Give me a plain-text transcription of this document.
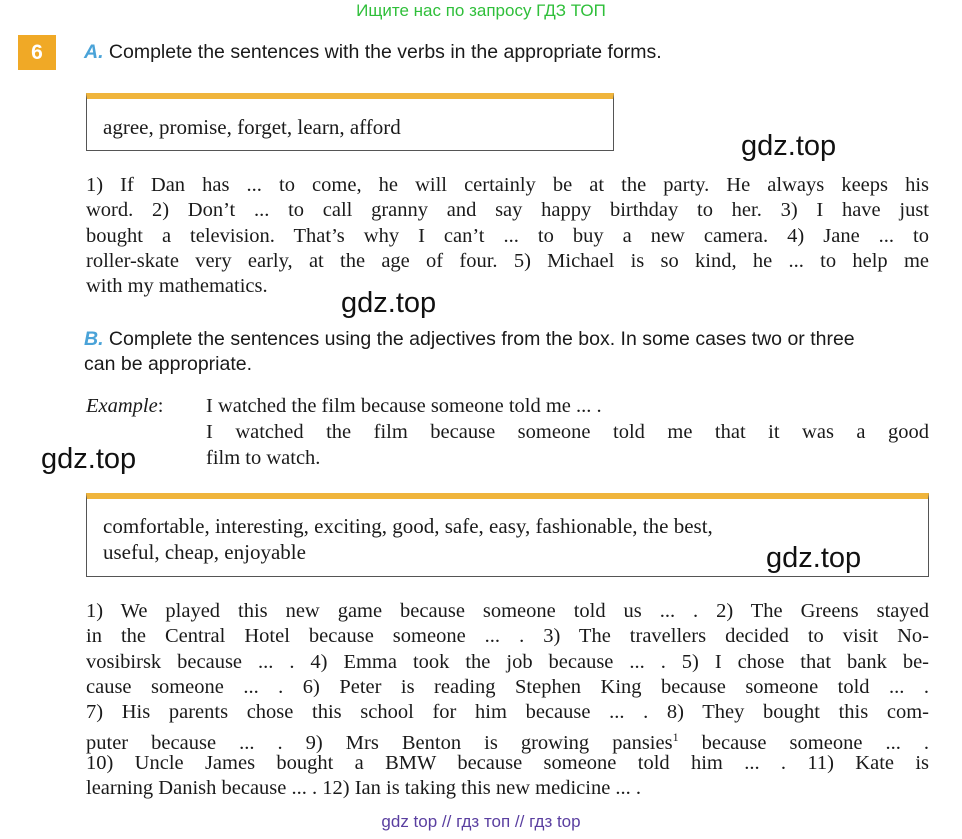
Ищите нас по запросу ГДЗ ТОП
6	A. Complete the sentences with the verbs in the appropriate forms.
agree, promise, forget, learn, afford
1) If Dan has ... to come, he will certainly be at the party. He always keeps his
word. 2) Don’t ... to call granny and say happy birthday to her. 3) I have just
bought a television. That’s why I can’t ... to buy a new camera. 4) Jane ... to
roller-skate very early, at the age of four. 5) Michael is so kind, he ... to help me
with my mathematics.
B. Complete the sentences using the adjectives from the box. In some cases two or three
can be appropriate.
Example:	I watched the film because someone told me ... .
I watched the film because someone told me that it was a good
film to watch.
comfortable, interesting, exciting, good, safe, easy, fashionable, the best,
useful, cheap, enjoyable
1) We played this new game because someone told us ... . 2) The Greens stayed
in the Central Hotel because someone ... . 3) The travellers decided to visit No-
vosibirsk because ... . 4) Emma took the job because ... . 5) I chose that bank be-
cause someone ... . 6) Peter is reading Stephen King because someone told ... .
7) His parents chose this school for him because ... . 8) They bought this com-
puter because ... . 9) Mrs Benton is growing pansies$^1$ because someone ... .
10) Uncle James bought a BMW because someone told him ... . 11) Kate is
learning Danish because ... . 12) Ian is taking this new medicine ... .
gdz.top
gdz.top
gdz.top
gdz.top
gdz top // гдз топ // гдз top
